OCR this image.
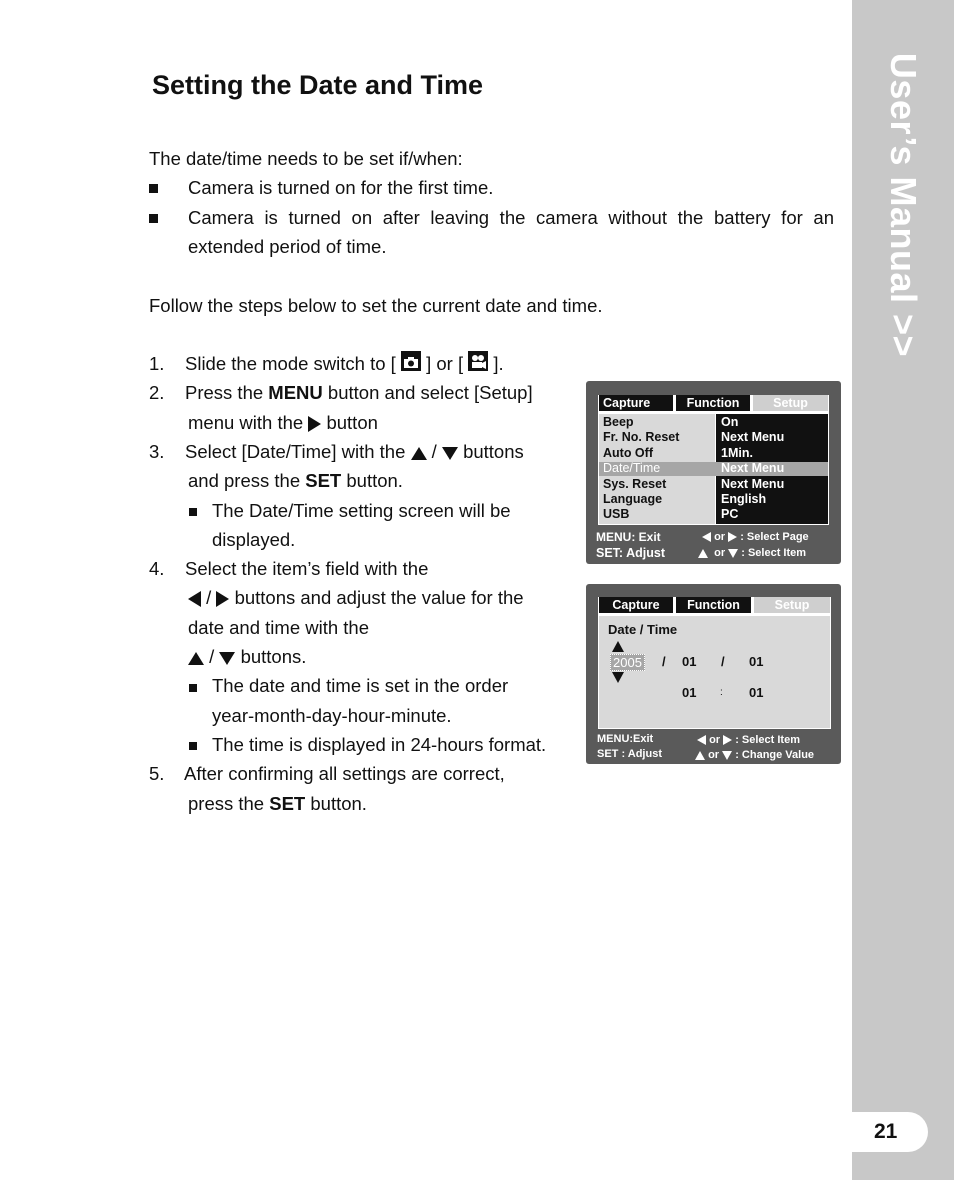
User’s Manual >>
21
Setting the Date and Time
The date/time needs to be set if/when:
Camera is turned on for the first time.
Camera is turned on after leaving the camera without the battery for an extended period of time.
Follow the steps below to set the current date and time.
1. Slide the mode switch to [ ] or [ ].
2. Press the MENU button and select [Setup]
menu with the button
3. Select [Date/Time] with the / buttons
and press the SET button.
The Date/Time setting screen will be
displayed.
4. Select the item’s field with the
/ buttons and adjust the value for the
date and time with the
/ buttons.
The date and time is set in the order
year-month-day-hour-minute.
The time is displayed in 24-hours format.
5. After confirming all settings are correct,
press the SET button.
Capture	Function	Setup
Beep	On
Fr. No. Reset	Next Menu
Auto Off	1Min.
Date/Time	Next Menu
Sys. Reset	Next Menu
Language	English
USB	PC
MENU: Exit
SET: Adjust
or : Select Page
or : Select Item
Capture	Function	Setup
Date / Time
2005 / 01 / 01
01 : 01
MENU:Exit
SET : Adjust
or : Select Item
or : Change Value
